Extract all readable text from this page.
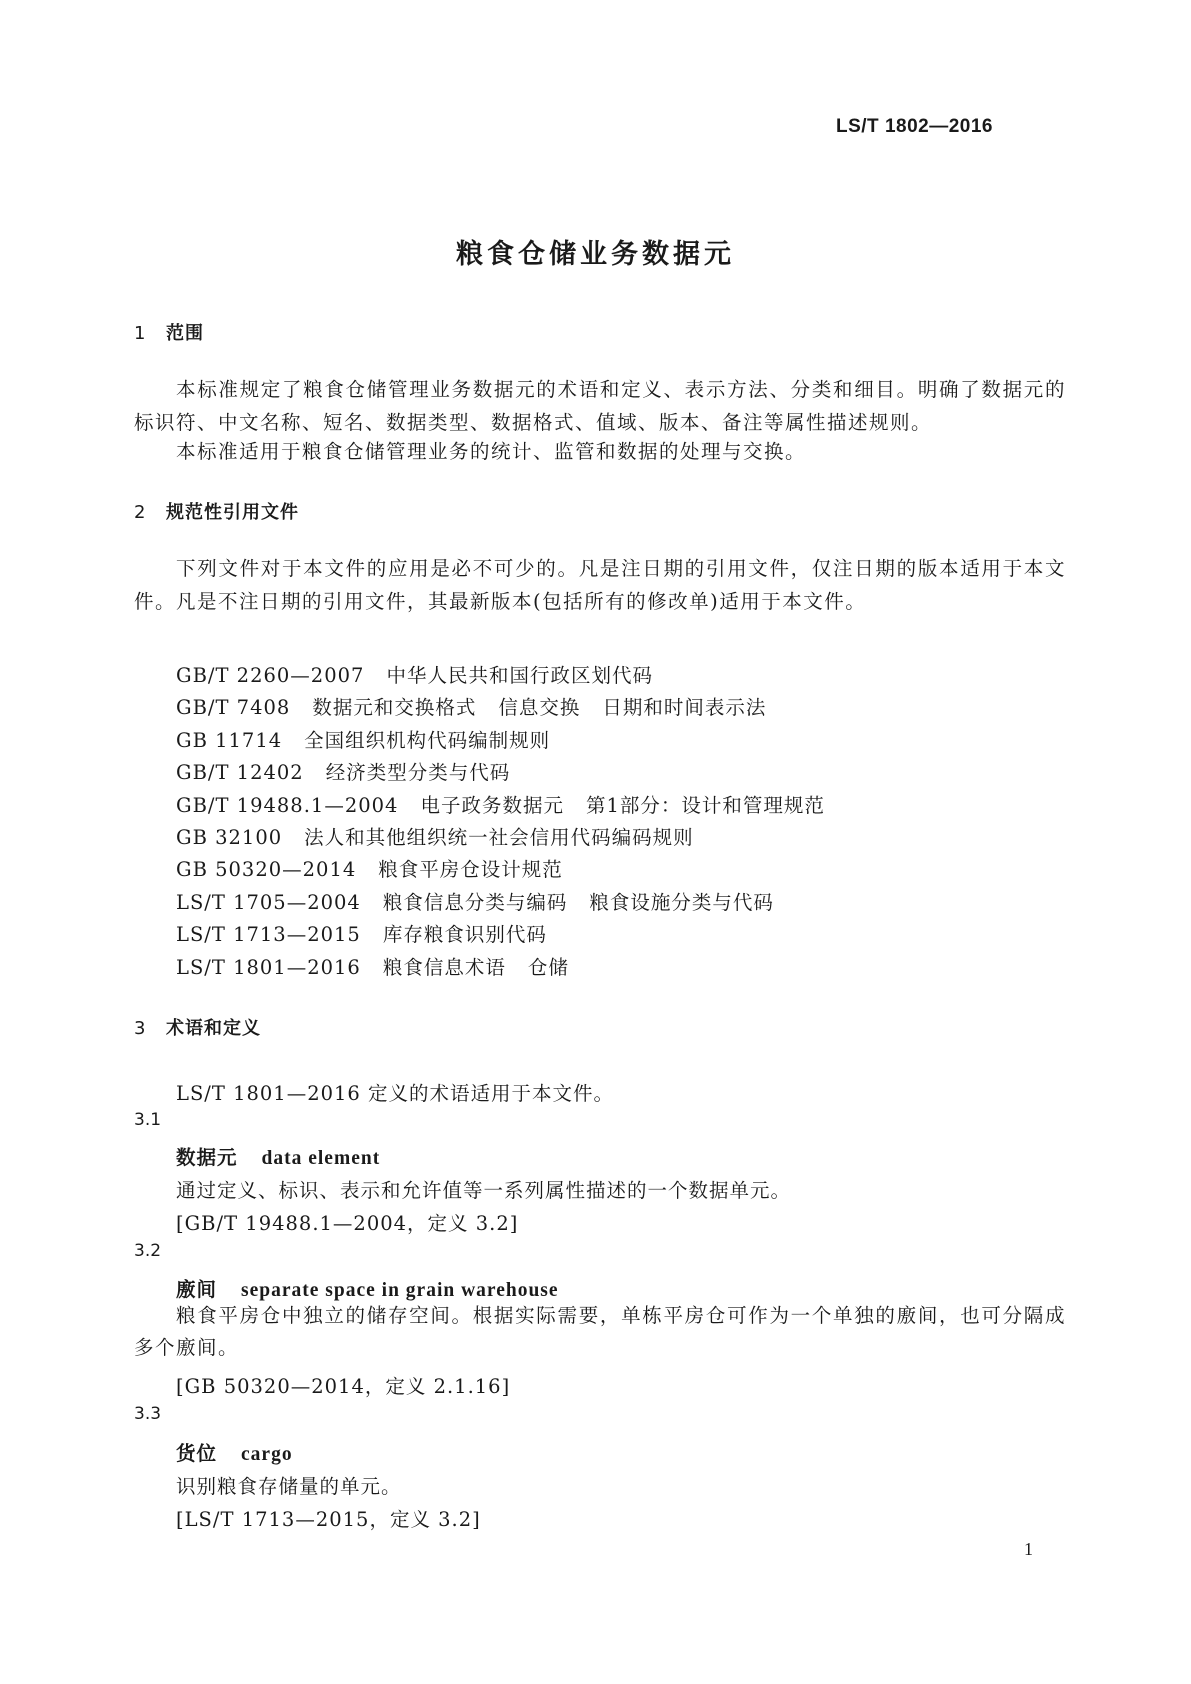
LS/T 1802—2016
粮食仓储业务数据元
1 范围
本标准规定了粮食仓储管理业务数据元的术语和定义、表示方法、分类和细目。明确了数据元的标识符、中文名称、短名、数据类型、数据格式、值域、版本、备注等属性描述规则。
本标准适用于粮食仓储管理业务的统计、监管和数据的处理与交换。
2 规范性引用文件
下列文件对于本文件的应用是必不可少的。凡是注日期的引用文件，仅注日期的版本适用于本文件。凡是不注日期的引用文件，其最新版本(包括所有的修改单)适用于本文件。
GB/T 2260—2007 中华人民共和国行政区划代码
GB/T 7408 数据元和交换格式 信息交换 日期和时间表示法
GB 11714 全国组织机构代码编制规则
GB/T 12402 经济类型分类与代码
GB/T 19488.1—2004 电子政务数据元 第1部分：设计和管理规范
GB 32100 法人和其他组织统一社会信用代码编码规则
GB 50320—2014 粮食平房仓设计规范
LS/T 1705—2004 粮食信息分类与编码 粮食设施分类与代码
LS/T 1713—2015 库存粮食识别代码
LS/T 1801—2016 粮食信息术语 仓储
3 术语和定义
LS/T 1801—2016 定义的术语适用于本文件。
3.1
数据元 data element
通过定义、标识、表示和允许值等一系列属性描述的一个数据单元。
[GB/T 19488.1—2004，定义 3.2]
3.2
廒间 separate space in grain warehouse
粮食平房仓中独立的储存空间。根据实际需要，单栋平房仓可作为一个单独的廒间，也可分隔成多个廒间。
[GB 50320—2014，定义 2.1.16]
3.3
货位 cargo
识别粮食存储量的单元。
[LS/T 1713—2015，定义 3.2]
1
